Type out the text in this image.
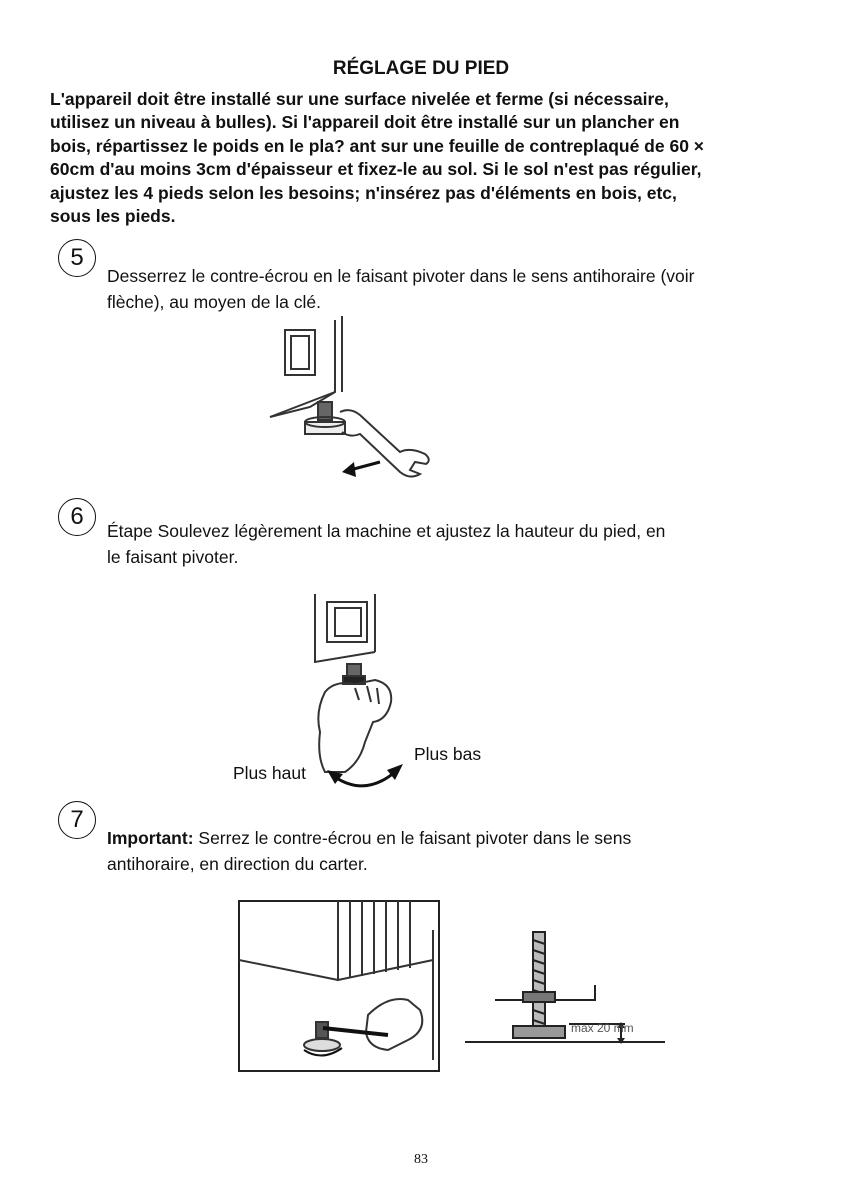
RÉGLAGE DU PIED
L'appareil doit être installé sur une surface nivelée et ferme (si nécessaire,
utilisez un niveau à bulles). Si l'appareil doit être installé sur un plancher en
bois, répartissez le poids en le pla? ant sur une feuille de contreplaqué de 60 ×
60cm d'au moins 3cm d'épaisseur et fixez-le au sol. Si le sol n'est pas régulier,
ajustez les 4 pieds selon les besoins; n'insérez pas d'éléments en bois, etc,
sous les pieds.
5
Desserrez le contre-écrou en le faisant pivoter dans le sens antihoraire (voir
flèche), au moyen de la clé.
6
Étape Soulevez légèrement la machine et ajustez la hauteur du pied, en
le faisant pivoter.
Plus haut
Plus bas
7
Important: Serrez le contre-écrou en le faisant pivoter dans le sens
antihoraire, en direction du carter.
max 20 mm
83
